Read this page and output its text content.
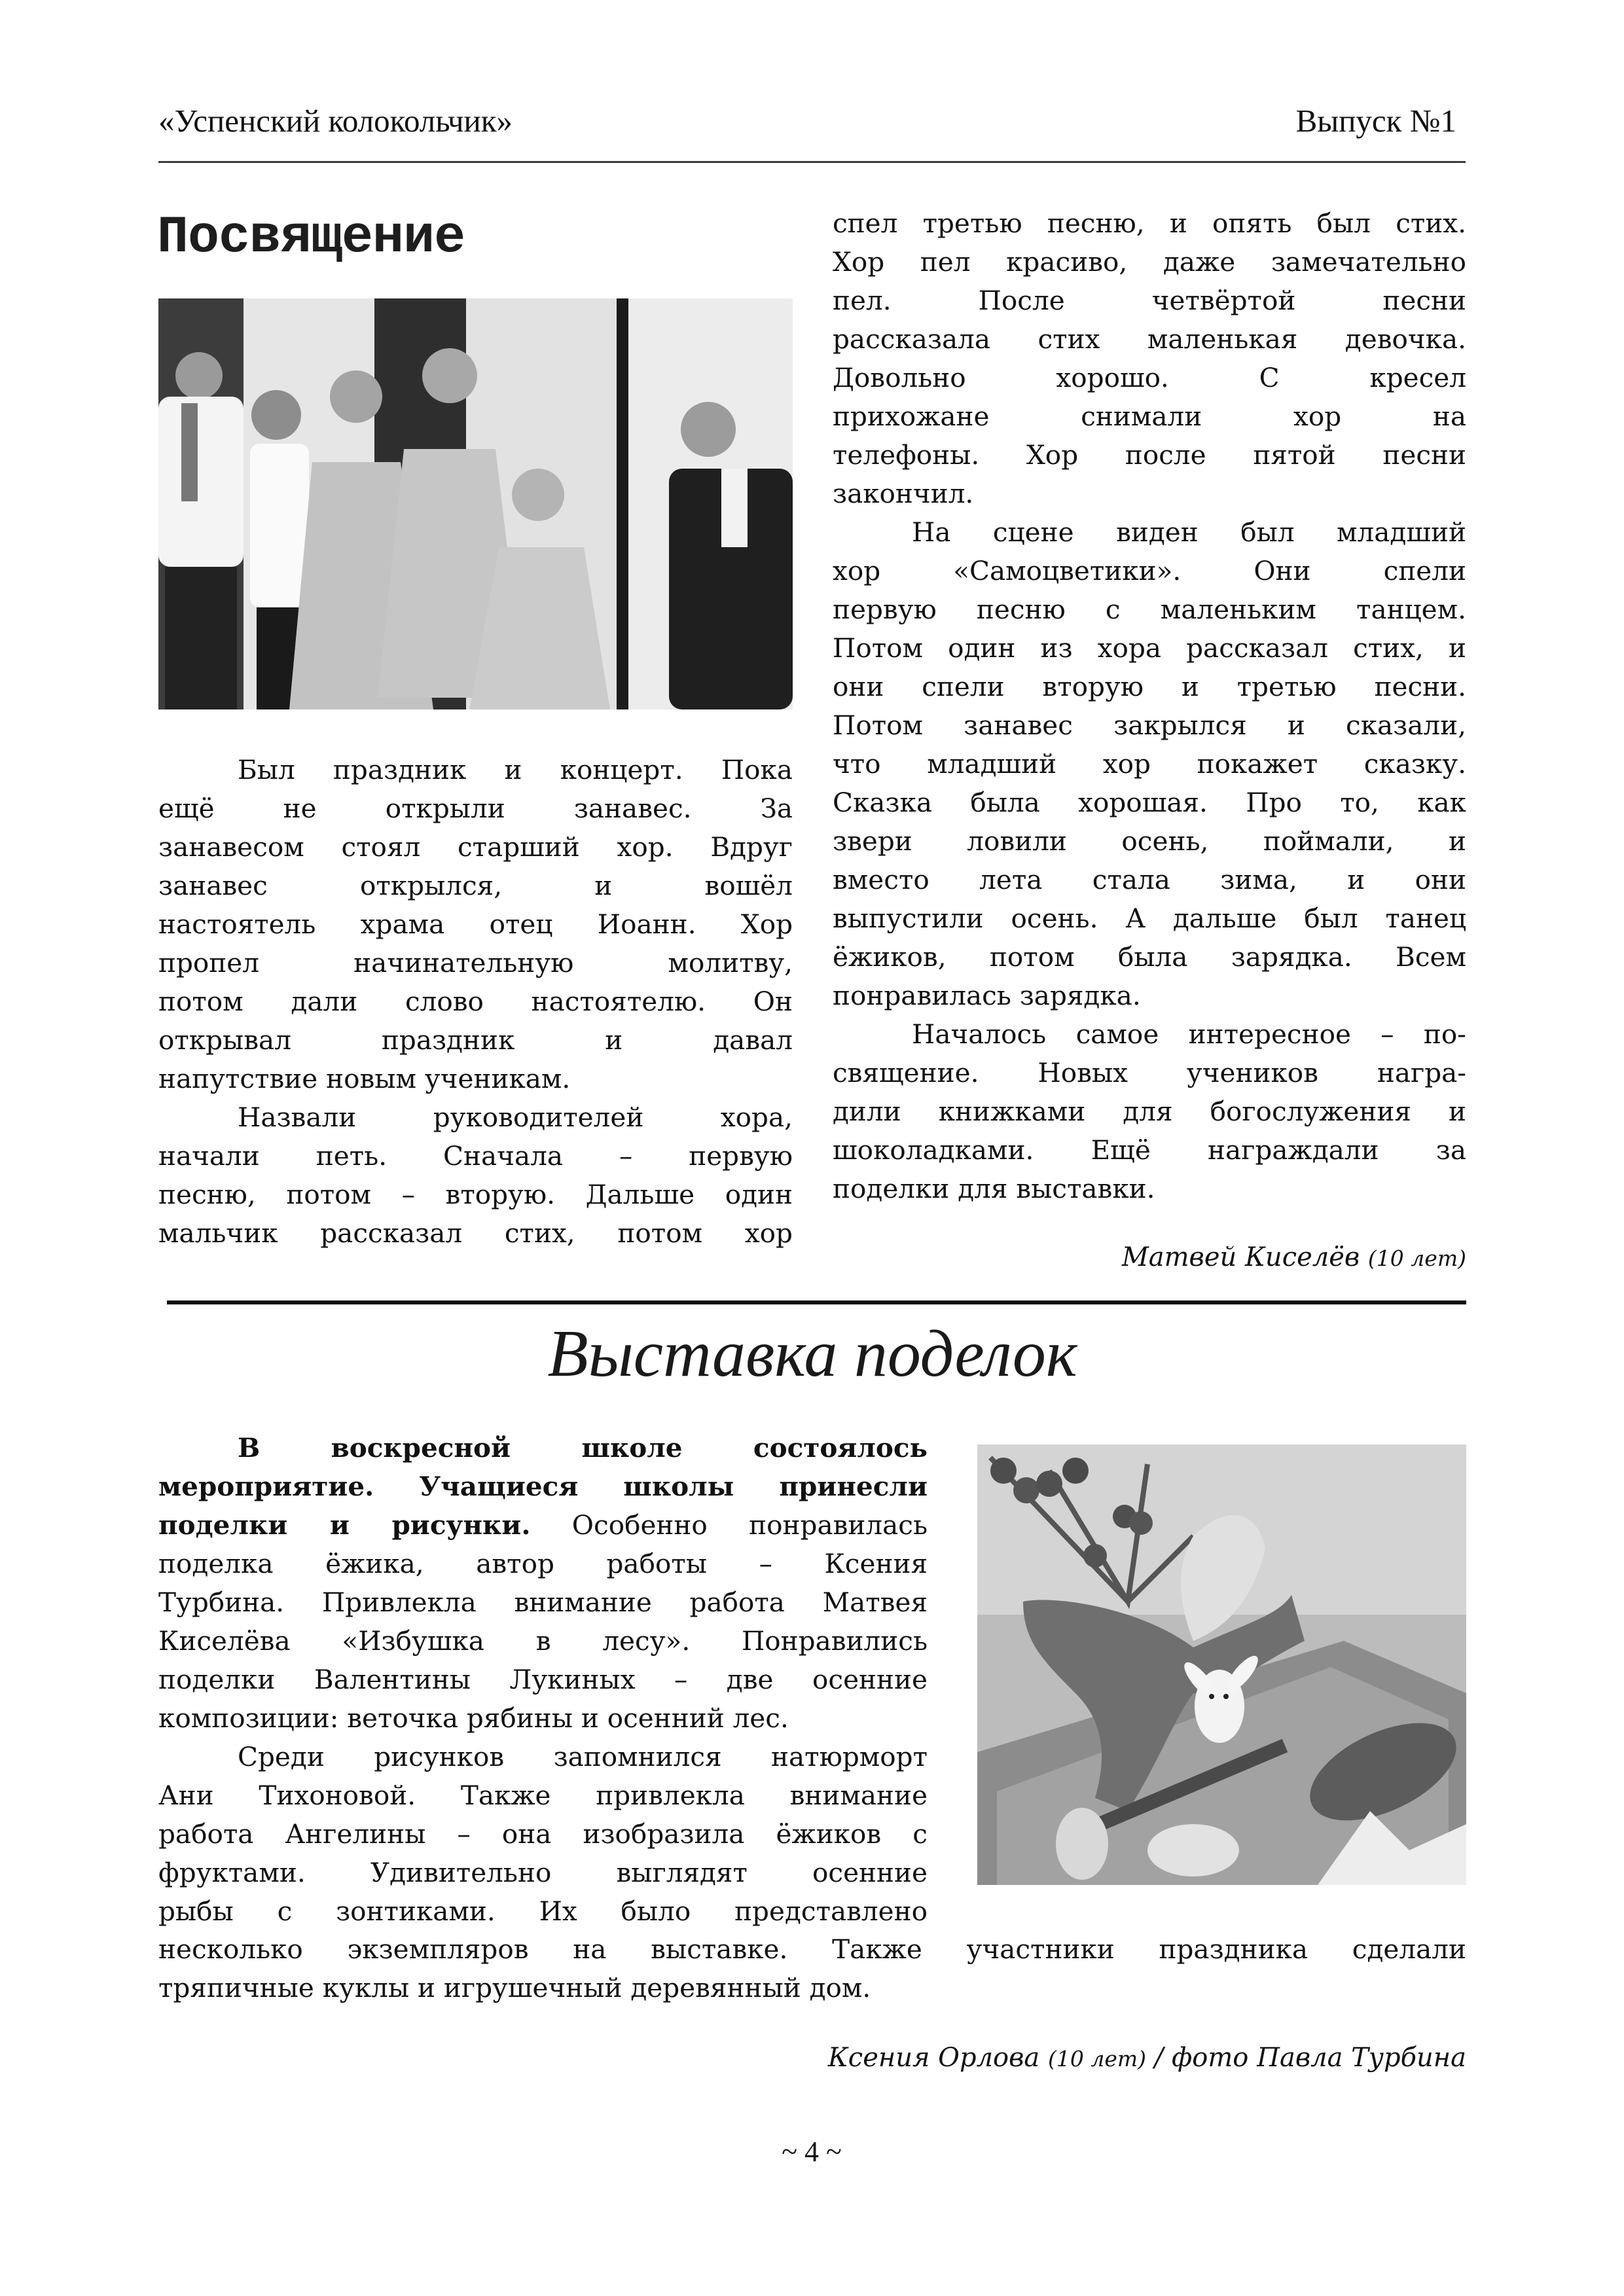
«Успенский колокольчик»	Выпуск №1
Посвящение
Был праздник и концерт. Пока
ещё не открыли занавес. За
занавесом стоял старший хор. Вдруг
занавес открылся, и вошёл
настоятель храма отец Иоанн. Хор
пропел начинательную молитву,
потом дали слово настоятелю. Он
открывал праздник и давал
напутствие новым ученикам.
Назвали руководителей хора,
начали петь. Сначала – первую
песню, потом – вторую. Дальше один
мальчик рассказал стих, потом хор
спел третью песню, и опять был стих.
Хор пел красиво, даже замечательно
пел. После четвёртой песни
рассказала стих маленькая девочка.
Довольно хорошо. С кресел
прихожане снимали хор на
телефоны. Хор после пятой песни
закончил.
На сцене виден был младший
хор «Самоцветики». Они спели
первую песню с маленьким танцем.
Потом один из хора рассказал стих, и
они спели вторую и третью песни.
Потом занавес закрылся и сказали,
что младший хор покажет сказку.
Сказка была хорошая. Про то, как
звери ловили осень, поймали, и
вместо лета стала зима, и они
выпустили осень. А дальше был танец
ёжиков, потом была зарядка. Всем
понравилась зарядка.
Началось самое интересное – по-
священие. Новых учеников награ-
дили книжками для богослужения и
шоколадками. Ещё награждали за
поделки для выставки.
Матвей Киселёв (10 лет)
Выставка поделок
В воскресной школе состоялось
мероприятие. Учащиеся школы принесли
поделки и рисунки. Особенно понравилась
поделка ёжика, автор работы – Ксения
Турбина. Привлекла внимание работа Матвея
Киселёва «Избушка в лесу». Понравились
поделки Валентины Лукиных – две осенние
композиции: веточка рябины и осенний лес.
Среди рисунков запомнился натюрморт
Ани Тихоновой. Также привлекла внимание
работа Ангелины – она изобразила ёжиков с
фруктами. Удивительно выглядят осенние
рыбы с зонтиками. Их было представлено
несколько экземпляров на выставке. Также участники праздника сделали
тряпичные куклы и игрушечный деревянный дом.
Ксения Орлова (10 лет) / фото Павла Турбина
~ 4 ~
